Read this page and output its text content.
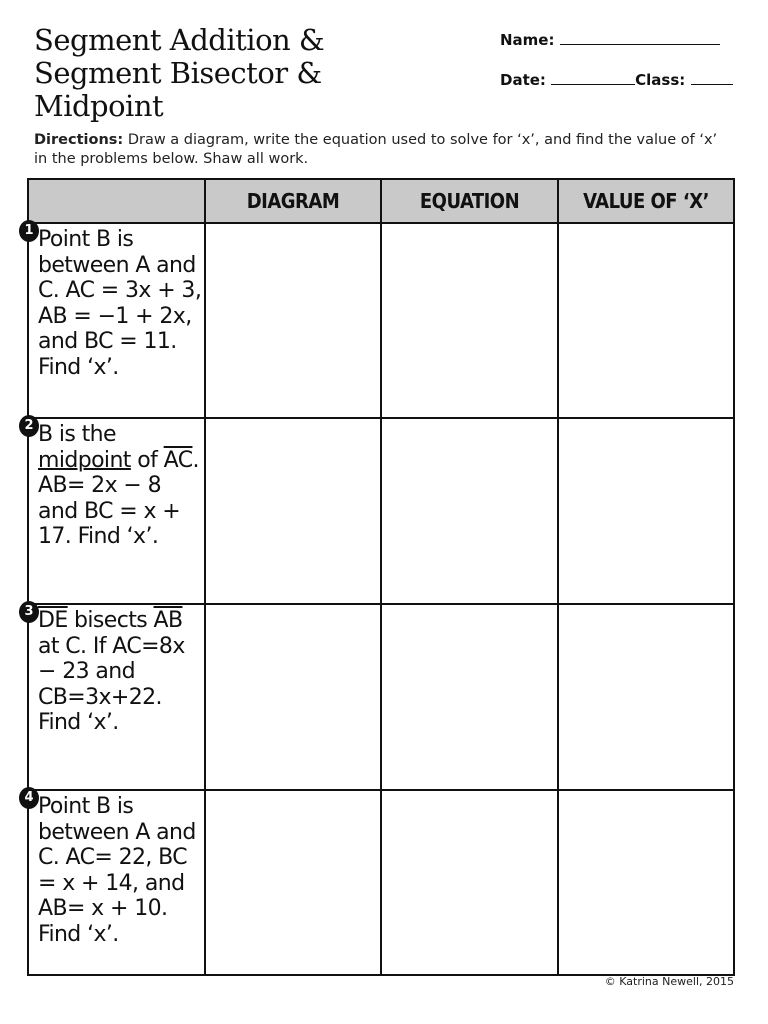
Segment Addition &
Segment Bisector &
Midpoint
Name:
Date:	Class:
Directions: Draw a diagram, write the equation used to solve for ‘x’, and find the value of ‘x’ in the problems below. Shaw all work.
	DIAGRAM	EQUATION	VALUE OF ‘X’

1 Point B is between A and C. AC = 3x + 3, AB = −1 + 2x, and BC = 11. Find ‘x’.			

2 B is the midpoint of $\overline{AC}$. AB= 2x − 8 and BC = x + 17. Find ‘x’.			

3 $\overline{DE}$ bisects $\overline{AB}$ at C. If AC=8x − 23 and CB=3x+22. Find ‘x’.			

4 Point B is between A and C. AC= 22, BC = x + 14, and AB= x + 10. Find ‘x’.			

© Katrina Newell, 2015
